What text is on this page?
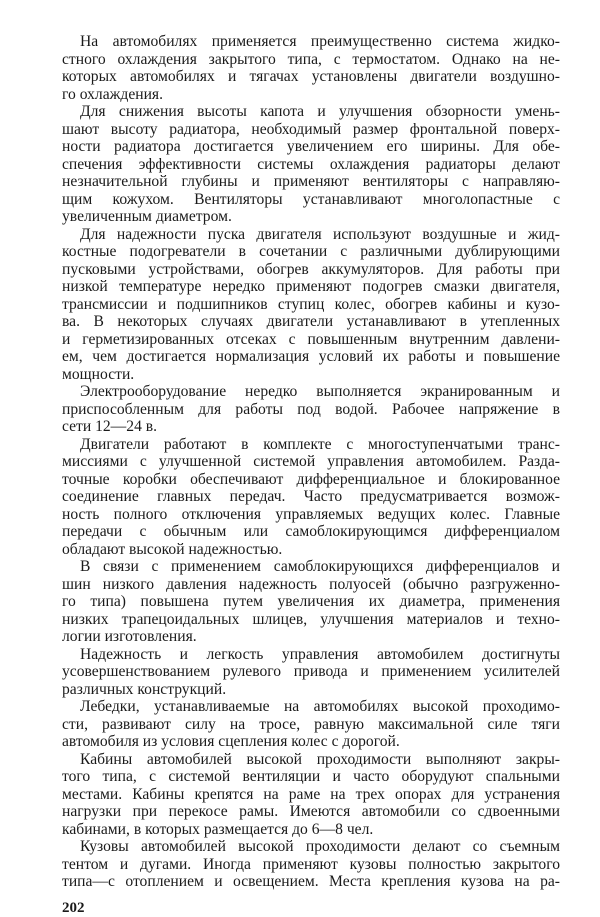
На автомобилях применяется преимущественно система жидко-
стного охлаждения закрытого типа, с термостатом. Однако на не-
которых автомобилях и тягачах установлены двигатели воздушно-
го охлаждения.
Для снижения высоты капота и улучшения обзорности умень-
шают высоту радиатора, необходимый размер фронтальной поверх-
ности радиатора достигается увеличением его ширины. Для обе-
спечения эффективности системы охлаждения радиаторы делают
незначительной глубины и применяют вентиляторы с направляю-
щим кожухом. Вентиляторы устанавливают многолопастные с
увеличенным диаметром.
Для надежности пуска двигателя используют воздушные и жид-
костные подогреватели в сочетании с различными дублирующими
пусковыми устройствами, обогрев аккумуляторов. Для работы при
низкой температуре нередко применяют подогрев смазки двигателя,
трансмиссии и подшипников ступиц колес, обогрев кабины и кузо-
ва. В некоторых случаях двигатели устанавливают в утепленных
и герметизированных отсеках с повышенным внутренним давлени-
ем, чем достигается нормализация условий их работы и повышение
мощности.
Электрооборудование нередко выполняется экранированным и
приспособленным для работы под водой. Рабочее напряжение в
сети 12—24 в.
Двигатели работают в комплекте с многоступенчатыми транс-
миссиями с улучшенной системой управления автомобилем. Разда-
точные коробки обеспечивают дифференциальное и блокированное
соединение главных передач. Часто предусматривается возмож-
ность полного отключения управляемых ведущих колес. Главные
передачи с обычным или самоблокирующимся дифференциалом
обладают высокой надежностью.
В связи с применением самоблокирующихся дифференциалов и
шин низкого давления надежность полуосей (обычно разгруженно-
го типа) повышена путем увеличения их диаметра, применения
низких трапецоидальных шлицев, улучшения материалов и техно-
логии изготовления.
Надежность и легкость управления автомобилем достигнуты
усовершенствованием рулевого привода и применением усилителей
различных конструкций.
Лебедки, устанавливаемые на автомобилях высокой проходимо-
сти, развивают силу на тросе, равную максимальной силе тяги
автомобиля из условия сцепления колес с дорогой.
Кабины автомобилей высокой проходимости выполняют закры-
того типа, с системой вентиляции и часто оборудуют спальными
местами. Кабины крепятся на раме на трех опорах для устранения
нагрузки при перекосе рамы. Имеются автомобили со сдвоенными
кабинами, в которых размещается до 6—8 чел.
Кузовы автомобилей высокой проходимости делают со съемным
тентом и дугами. Иногда применяют кузовы полностью закрытого
типа—с отоплением и освещением. Места крепления кузова на ра-
202
